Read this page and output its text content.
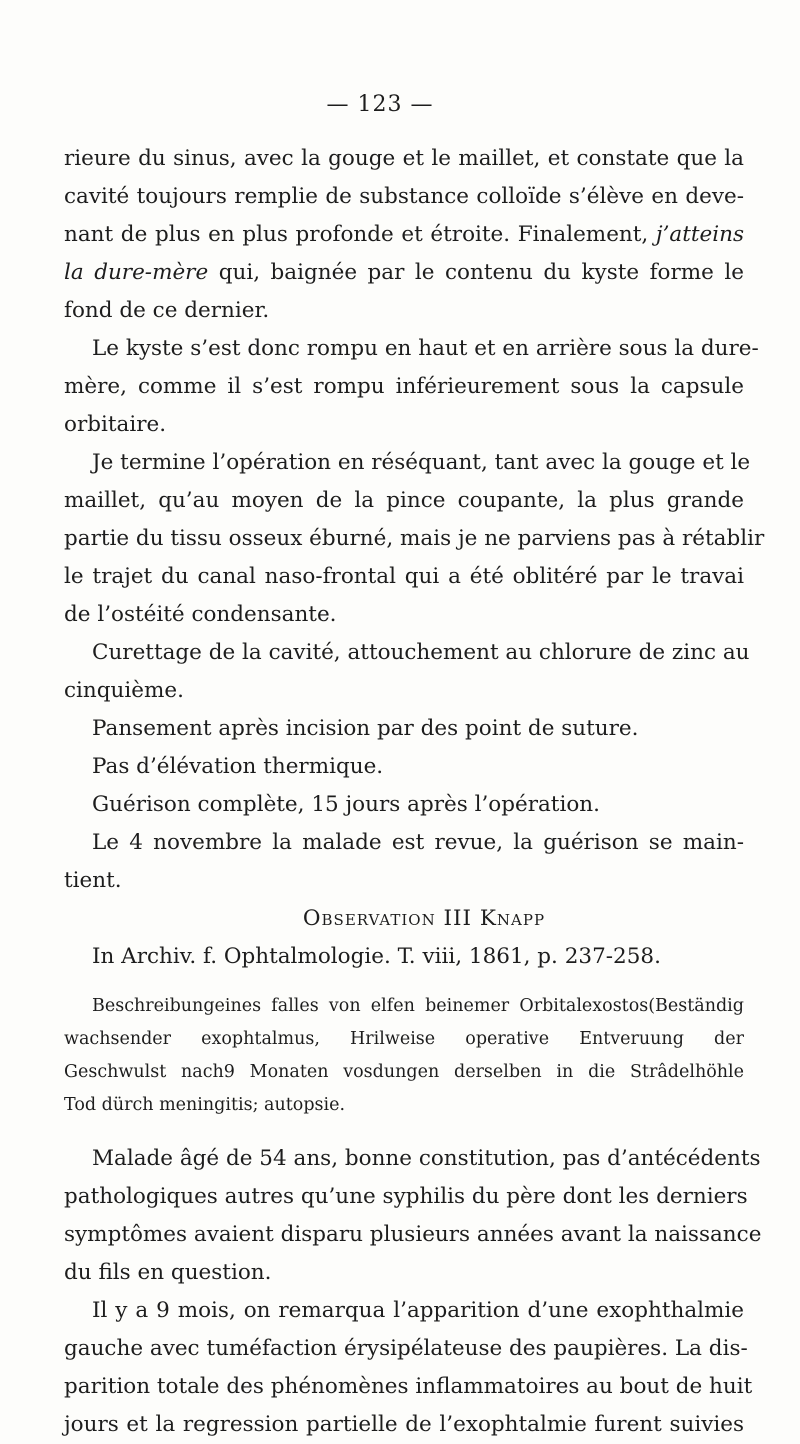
— 123 —
rieure du sinus, avec la gouge et le maillet, et constate que la
cavité toujours remplie de substance colloïde s’élève en deve-
nant de plus en plus profonde et étroite. Finalement, j’atteins
la dure-mère qui, baignée par le contenu du kyste forme le
fond de ce dernier.
Le kyste s’est donc rompu en haut et en arrière sous la dure-
mère, comme il s’est rompu inférieurement sous la capsule
orbitaire.
Je termine l’opération en réséquant, tant avec la gouge et le
maillet, qu’au moyen de la pince coupante, la plus grande
partie du tissu osseux éburné, mais je ne parviens pas à rétablir
le trajet du canal naso-frontal qui a été oblitéré par le travai
de l’ostéité condensante.
Curettage de la cavité, attouchement au chlorure de zinc au
cinquième.
Pansement après incision par des point de suture.
Pas d’élévation thermique.
Guérison complète, 15 jours après l’opération.
Le 4 novembre la malade est revue, la guérison se main-
tient.
Observation III Knapp
In Archiv. f. Ophtalmologie. T. viii, 1861, p. 237-258.
Beschreibungeines falles von elfen beinemer Orbitalexostos(Beständig
wachsender exophtalmus, Hrilweise operative Entveruung der
Geschwulst nach9 Monaten vosdungen derselben in die Strâdelhöhle
Tod dürch meningitis; autopsie.
Malade âgé de 54 ans, bonne constitution, pas d’antécédents
pathologiques autres qu’une syphilis du père dont les derniers
symptômes avaient disparu plusieurs années avant la naissance
du fils en question.
Il y a 9 mois, on remarqua l’apparition d’une exophthalmie
gauche avec tuméfaction érysipélateuse des paupières. La dis-
parition totale des phénomènes inflammatoires au bout de huit
jours et la regression partielle de l’exophtalmie furent suivies
